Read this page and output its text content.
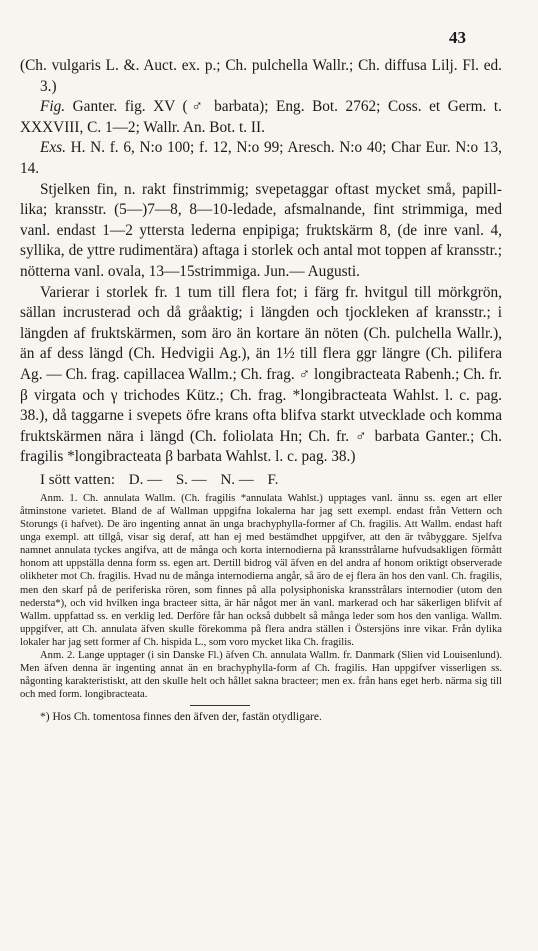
43

(Ch. vulgaris L. &. Auct. ex. p.; Ch. pulchella Wallr.; Ch. diffusa Lilj. Fl. ed. 3.)

Fig. Ganter. fig. XV (♂ barbata); Eng. Bot. 2762; Coss. et Germ. t. XXXVIII, C. 1—2; Wallr. An. Bot. t. II.

Exs. H. N. f. 6, N:o 100; f. 12, N:o 99; Aresch. N:o 40; Char Eur. N:o 13, 14.

Stjelken fin, n. rakt finstrimmig; svepetaggar oftast mycket små, papill-lika; kransstr. (5—)7—8, 8—10-ledade, afsmalnande, fint strimmiga, med vanl. endast 1—2 yttersta lederna enpipiga; fruktskärm 8, (de inre vanl. 4, syllika, de yttre rudimentära) aftaga i storlek och antal mot toppen af kransstr.; nötterna vanl. ovala, 13—15strimmiga. Jun.— Augusti.

Varierar i storlek fr. 1 tum till flera fot; i färg fr. hvitgul till mörkgrön, sällan incrusterad och då gråaktig; i längden och tjockleken af kransstr.; i längden af fruktskärmen, som äro än kortare än nöten (Ch. pulchella Wallr.), än af dess längd (Ch. Hedvigii Ag.), än 1½ till flera ggr längre (Ch. pilifera Ag. — Ch. frag. capillacea Wallm.; Ch. frag. ♂ longibracteata Rabenh.; Ch. fr. β virgata och γ trichodes Kütz.; Ch. frag. *longibracteata Wahlst. l. c. pag. 38.), då taggarne i svepets öfre krans ofta blifva starkt utvecklade och komma fruktskärmen nära i längd (Ch. foliolata Hn; Ch. fr. ♂ barbata Ganter.; Ch. fragilis *longibracteata β barbata Wahlst. l. c. pag. 38.)

I sött vatten: D. — S. — N. — F.

Anm. 1. Ch. annulata Wallm. (Ch. fragilis *annulata Wahlst.) upptages vanl. ännu ss. egen art eller åtminstone varietet. Bland de af Wallman uppgifna lokalerna har jag sett exempl. endast från Vettern och Storungs (i hafvet). De äro ingenting annat än unga brachyphylla-former af Ch. fragilis. Att Wallm. endast haft unga exempl. att tillgå, visar sig deraf, att han ej med bestämdhet uppgifver, att den är tvåbyggare. Sjelfva namnet annulata tyckes angifva, att de många och korta internodierna på kransstrålarne hufvudsakligen förmått honom att uppställa denna form ss. egen art. Dertill bidrog väl äfven en del andra af honom oriktigt observerade olikheter mot Ch. fragilis. Hvad nu de många internodierna angår, så äro de ej flera än hos den vanl. Ch. fragilis, men den skarf på de periferiska rören, som finnes på alla polysiphoniska kransstrålars internodier (utom den nedersta*), och vid hvilken inga bracteer sitta, är här något mer än vanl. markerad och har säkerligen blifvit af Wallm. uppfattad ss. en verklig led. Derföre får han också dubbelt så många leder som hos den vanliga. Wallm. uppgifver, att Ch. annulata äfven skulle förekomma på flera andra ställen i Östersjöns inre vikar. Från dylika lokaler har jag sett former af Ch. hispida L., som voro mycket lika Ch. fragilis.

Anm. 2. Lange upptager (i sin Danske Fl.) äfven Ch. annulata Wallm. fr. Danmark (Slien vid Louisenlund). Men äfven denna är ingenting annat än en brachyphylla-form af Ch. fragilis. Han uppgifver visserligen ss. någonting karakteristiskt, att den skulle helt och hållet sakna bracteer; men ex. från hans eget herb. närma sig till och med form. longibracteata.

*) Hos Ch. tomentosa finnes den äfven der, fastän otydligare.
